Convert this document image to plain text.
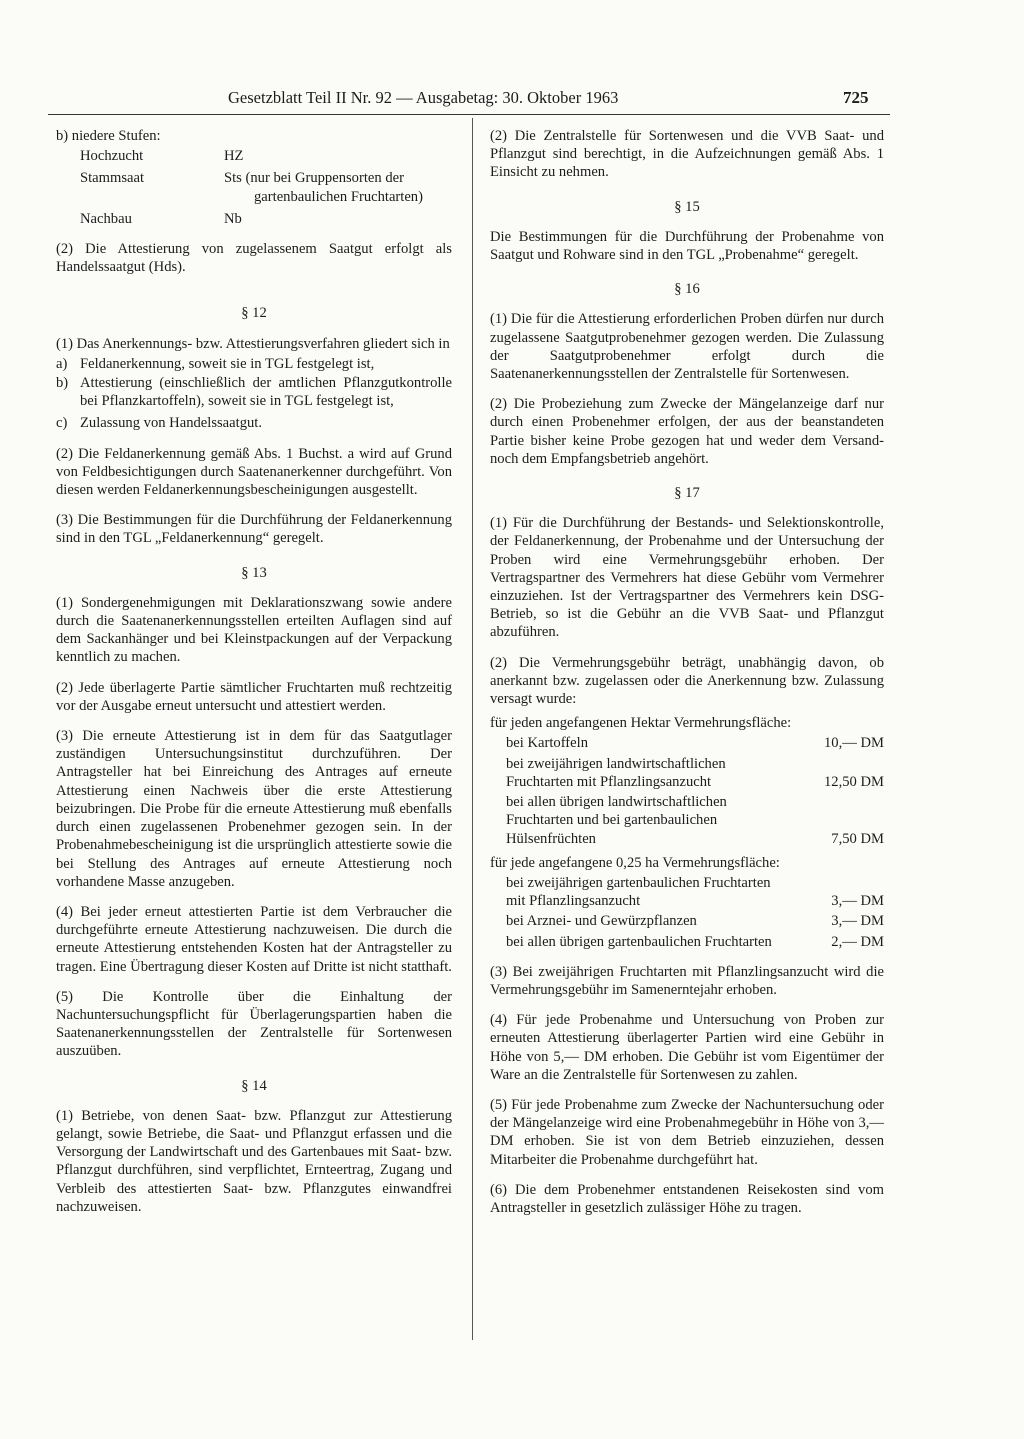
Gesetzblatt Teil II Nr. 92 — Ausgabetag: 30. Oktober 1963	725
b) niedere Stufen:
Hochzucht	HZ
Stammsaat	Sts (nur bei Gruppensorten der gartenbaulichen Fruchtarten)
Nachbau	Nb

(2) Die Attestierung von zugelassenem Saatgut erfolgt als Handelssaatgut (Hds).

§ 12

(1) Das Anerkennungs- bzw. Attestierungsverfahren gliedert sich in

a) Feldanerkennung, soweit sie in TGL festgelegt ist,
b) Attestierung (einschließlich der amtlichen Pflanzgutkontrolle bei Pflanzkartoffeln), soweit sie in TGL festgelegt ist,
c) Zulassung von Handelssaatgut.

(2) Die Feldanerkennung gemäß Abs. 1 Buchst. a wird auf Grund von Feldbesichtigungen durch Saatenanerkenner durchgeführt. Von diesen werden Feldanerkennungsbescheinigungen ausgestellt.

(3) Die Bestimmungen für die Durchführung der Feldanerkennung sind in den TGL „Feldanerkennung“ geregelt.

§ 13

(1) Sondergenehmigungen mit Deklarationszwang sowie andere durch die Saatenanerkennungsstellen erteilten Auflagen sind auf dem Sackanhänger und bei Kleinstpackungen auf der Verpackung kenntlich zu machen.

(2) Jede überlagerte Partie sämtlicher Fruchtarten muß rechtzeitig vor der Ausgabe erneut untersucht und attestiert werden.

(3) Die erneute Attestierung ist in dem für das Saatgutlager zuständigen Untersuchungsinstitut durchzuführen. Der Antragsteller hat bei Einreichung des Antrages auf erneute Attestierung einen Nachweis über die erste Attestierung beizubringen. Die Probe für die erneute Attestierung muß ebenfalls durch einen zugelassenen Probenehmer gezogen sein. In der Probenahmebescheinigung ist die ursprünglich attestierte sowie die bei Stellung des Antrages auf erneute Attestierung noch vorhandene Masse anzugeben.

(4) Bei jeder erneut attestierten Partie ist dem Verbraucher die durchgeführte erneute Attestierung nachzuweisen. Die durch die erneute Attestierung entstehenden Kosten hat der Antragsteller zu tragen. Eine Übertragung dieser Kosten auf Dritte ist nicht statthaft.

(5) Die Kontrolle über die Einhaltung der Nachuntersuchungspflicht für Überlagerungspartien haben die Saatenanerkennungsstellen der Zentralstelle für Sortenwesen auszuüben.

§ 14

(1) Betriebe, von denen Saat- bzw. Pflanzgut zur Attestierung gelangt, sowie Betriebe, die Saat- und Pflanzgut erfassen und die Versorgung der Landwirtschaft und des Gartenbaues mit Saat- bzw. Pflanzgut durchführen, sind verpflichtet, Ernteertrag, Zugang und Verbleib des attestierten Saat- bzw. Pflanzgutes einwandfrei nachzuweisen.

(2) Die Zentralstelle für Sortenwesen und die VVB Saat- und Pflanzgut sind berechtigt, in die Aufzeichnungen gemäß Abs. 1 Einsicht zu nehmen.

§ 15

Die Bestimmungen für die Durchführung der Probenahme von Saatgut und Rohware sind in den TGL „Probenahme“ geregelt.

§ 16

(1) Die für die Attestierung erforderlichen Proben dürfen nur durch zugelassene Saatgutprobenehmer gezogen werden. Die Zulassung der Saatgutprobenehmer erfolgt durch die Saatenanerkennungsstellen der Zentralstelle für Sortenwesen.

(2) Die Probeziehung zum Zwecke der Mängelanzeige darf nur durch einen Probenehmer erfolgen, der aus der beanstandeten Partie bisher keine Probe gezogen hat und weder dem Versand- noch dem Empfangsbetrieb angehört.

§ 17

(1) Für die Durchführung der Bestands- und Selektionskontrolle, der Feldanerkennung, der Probenahme und der Untersuchung der Proben wird eine Vermehrungsgebühr erhoben. Der Vertragspartner des Vermehrers hat diese Gebühr vom Vermehrer einzuziehen. Ist der Vertragspartner des Vermehrers kein DSG-Betrieb, so ist die Gebühr an die VVB Saat- und Pflanzgut abzuführen.

(2) Die Vermehrungsgebühr beträgt, unabhängig davon, ob anerkannt bzw. zugelassen oder die Anerkennung bzw. Zulassung versagt wurde:

für jeden angefangenen Hektar Vermehrungsfläche:
bei Kartoffeln	10,— DM
bei zweijährigen landwirtschaftlichen Fruchtarten mit Pflanzlingsanzucht	12,50 DM
bei allen übrigen landwirtschaftlichen Fruchtarten und bei gartenbaulichen Hülsenfrüchten	7,50 DM
für jede angefangene 0,25 ha Vermehrungsfläche:
bei zweijährigen gartenbaulichen Fruchtarten mit Pflanzlingsanzucht	3,— DM
bei Arznei- und Gewürzpflanzen	3,— DM
bei allen übrigen gartenbaulichen Fruchtarten	2,— DM

(3) Bei zweijährigen Fruchtarten mit Pflanzlingsanzucht wird die Vermehrungsgebühr im Samenerntejahr erhoben.

(4) Für jede Probenahme und Untersuchung von Proben zur erneuten Attestierung überlagerter Partien wird eine Gebühr in Höhe von 5,— DM erhoben. Die Gebühr ist vom Eigentümer der Ware an die Zentralstelle für Sortenwesen zu zahlen.

(5) Für jede Probenahme zum Zwecke der Nachuntersuchung oder der Mängelanzeige wird eine Probenahmegebühr in Höhe von 3,— DM erhoben. Sie ist von dem Betrieb einzuziehen, dessen Mitarbeiter die Probenahme durchgeführt hat.

(6) Die dem Probenehmer entstandenen Reisekosten sind vom Antragsteller in gesetzlich zulässiger Höhe zu tragen.
